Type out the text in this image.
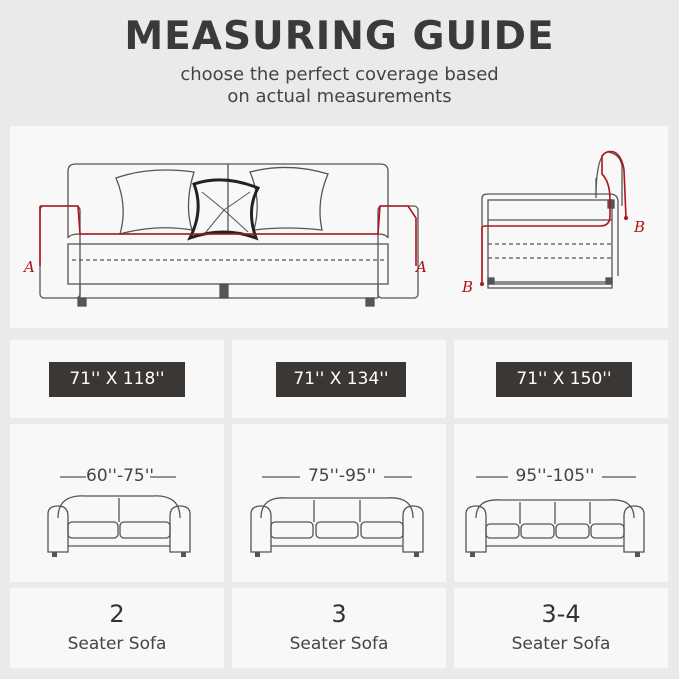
MEASURING GUIDE
choose the perfect coverage based
on actual measurements
A	A
B
B
71'' X 118''	71'' X 134''	71'' X 150''
60''-75''	75''-95''	95''-105''
2
Seater Sofa
3
Seater Sofa
3-4
Seater Sofa
